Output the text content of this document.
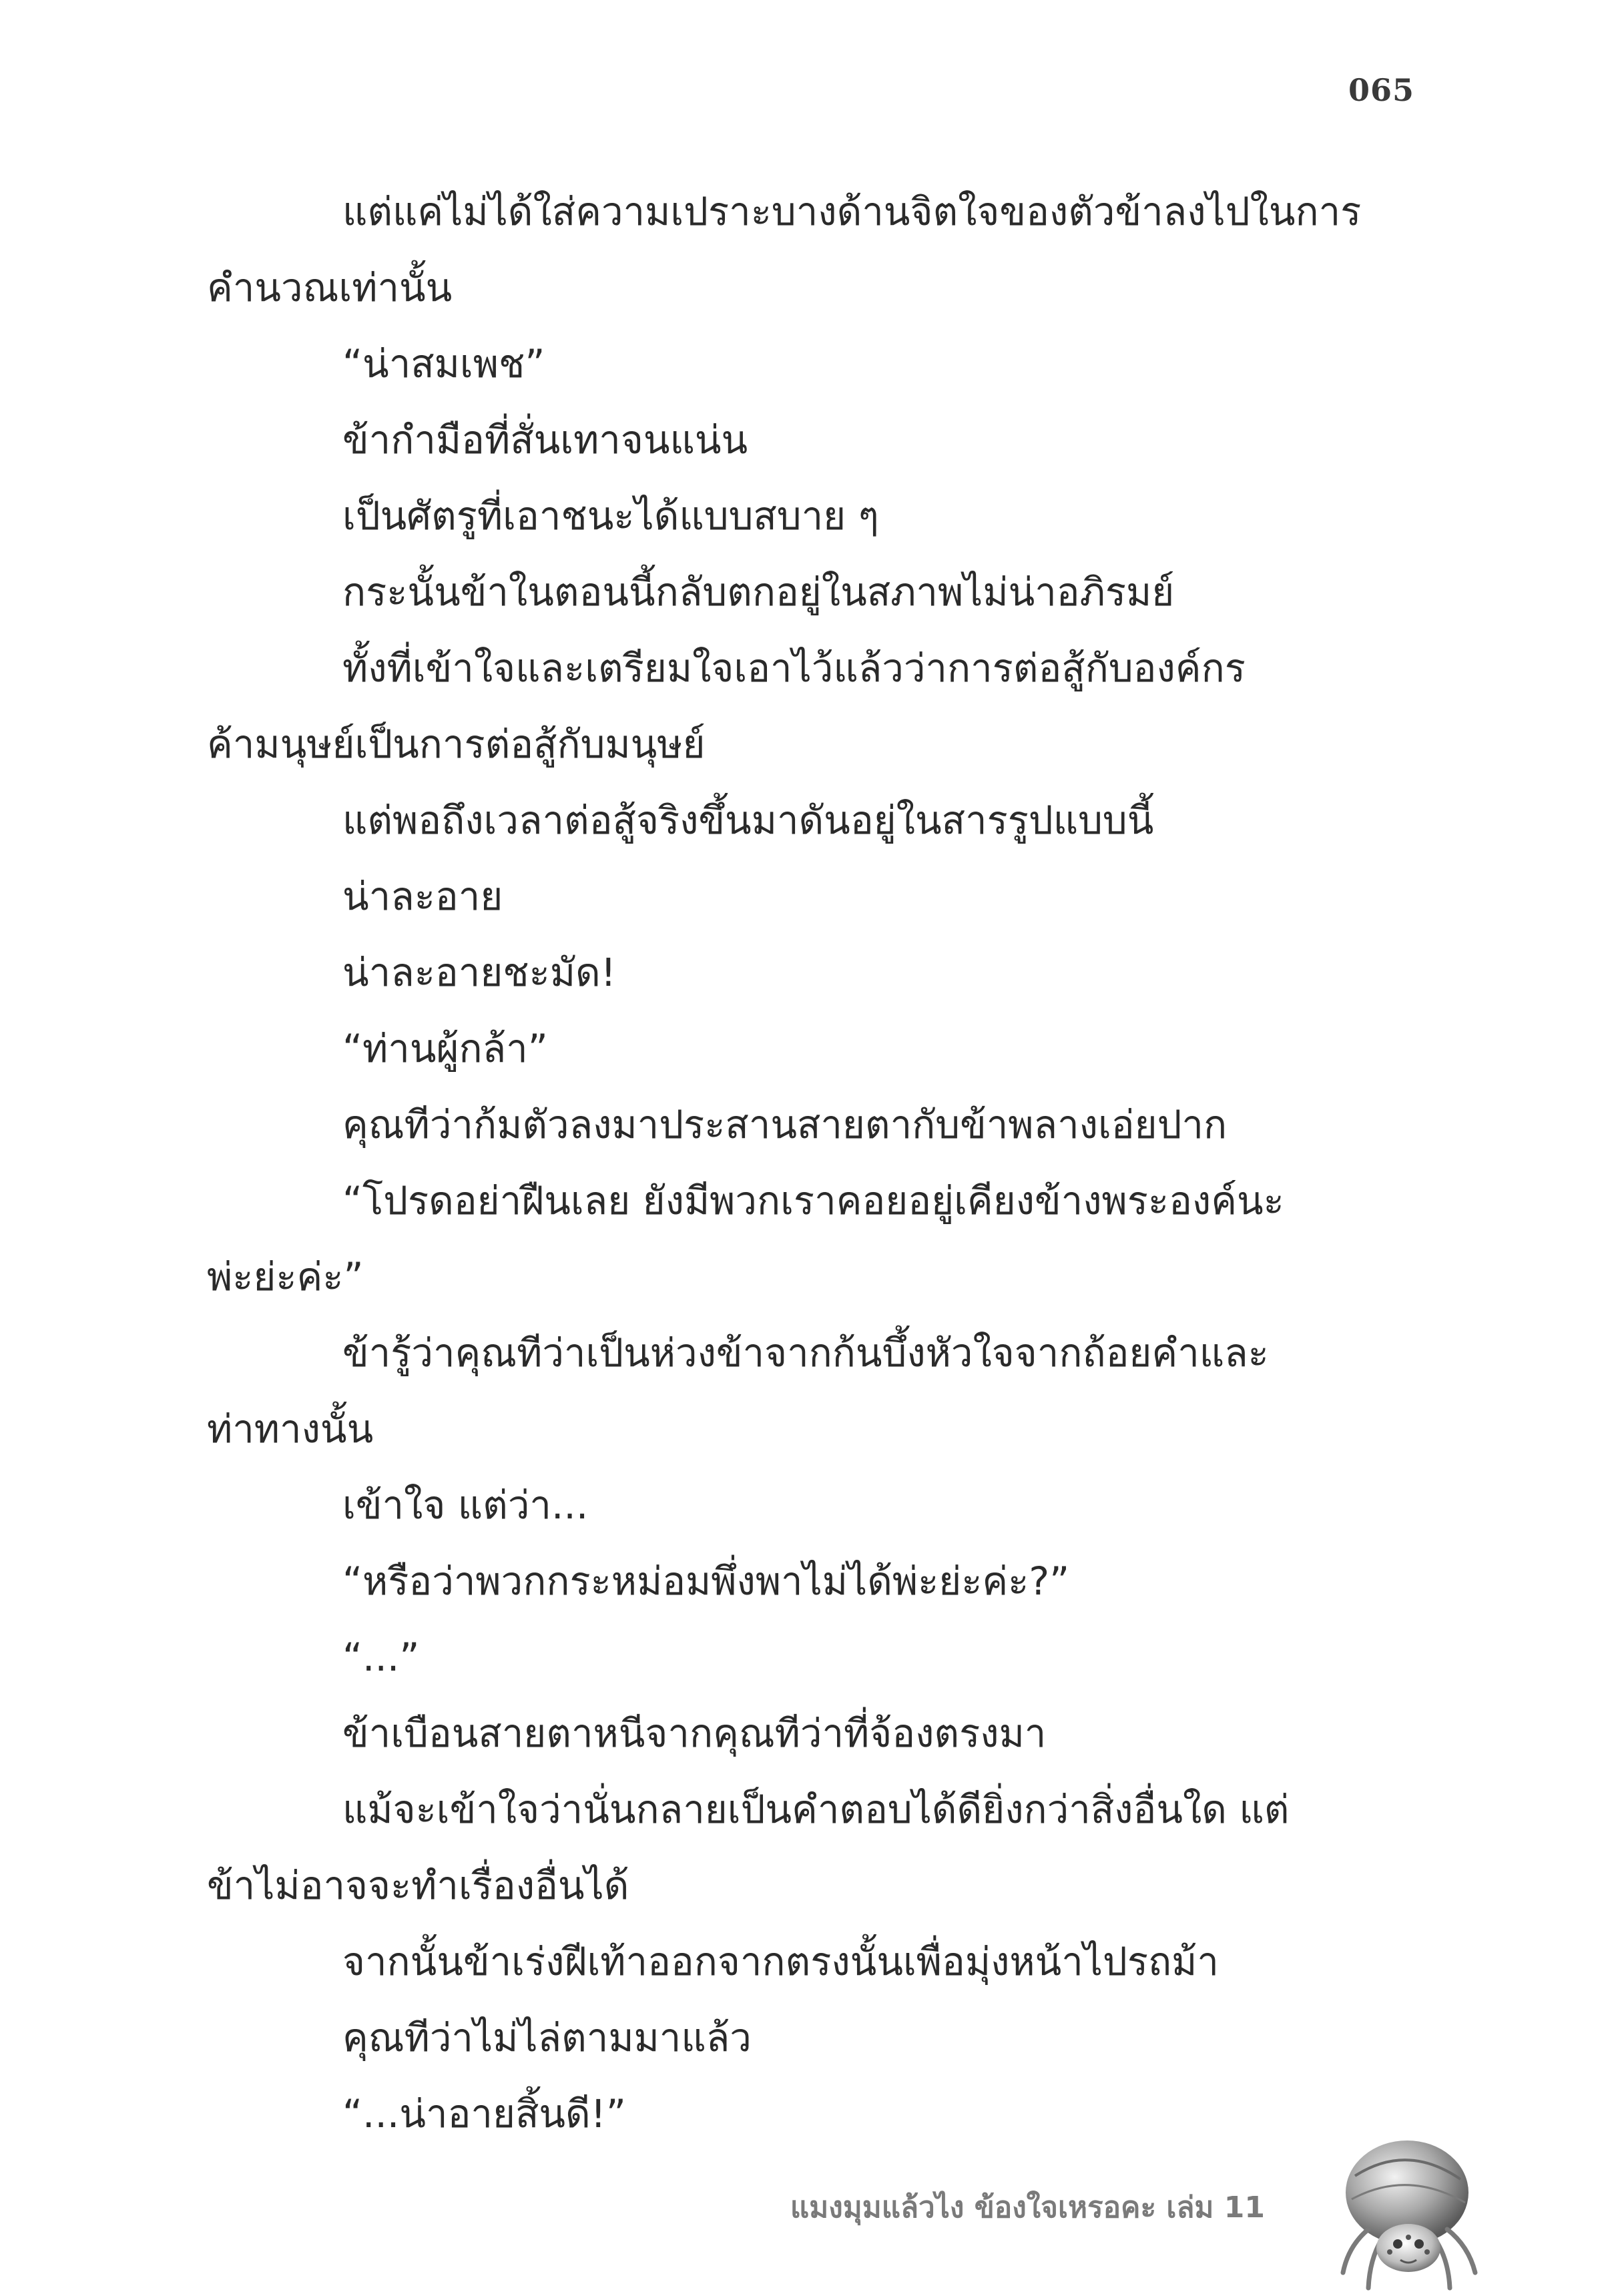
065
แต่แค่ไม่ได้ใส่ความเปราะบางด้านจิตใจของตัวข้าลงไปในการ
คำนวณเท่านั้น
“น่าสมเพช”
ข้ากำมือที่สั่นเทาจนแน่น
เป็นศัตรูที่เอาชนะได้แบบสบาย ๆ
กระนั้นข้าในตอนนี้กลับตกอยู่ในสภาพไม่น่าอภิรมย์
ทั้งที่เข้าใจและเตรียมใจเอาไว้แล้วว่าการต่อสู้กับองค์กร
ค้ามนุษย์เป็นการต่อสู้กับมนุษย์
แต่พอถึงเวลาต่อสู้จริงขึ้นมาดันอยู่ในสารรูปแบบนี้
น่าละอาย
น่าละอายชะมัด!
“ท่านผู้กล้า”
คุณทีว่าก้มตัวลงมาประสานสายตากับข้าพลางเอ่ยปาก
“โปรดอย่าฝืนเลย ยังมีพวกเราคอยอยู่เคียงข้างพระองค์นะ
พ่ะย่ะค่ะ”
ข้ารู้ว่าคุณทีว่าเป็นห่วงข้าจากก้นบึ้งหัวใจจากถ้อยคำและ
ท่าทางนั้น
เข้าใจ แต่ว่า...
“หรือว่าพวกกระหม่อมพึ่งพาไม่ได้พ่ะย่ะค่ะ?”
“...”
ข้าเบือนสายตาหนีจากคุณทีว่าที่จ้องตรงมา
แม้จะเข้าใจว่านั่นกลายเป็นคำตอบได้ดียิ่งกว่าสิ่งอื่นใด แต่
ข้าไม่อาจจะทำเรื่องอื่นได้
จากนั้นข้าเร่งฝีเท้าออกจากตรงนั้นเพื่อมุ่งหน้าไปรถม้า
คุณทีว่าไม่ไล่ตามมาแล้ว
“...น่าอายสิ้นดี!”
แมงมุมแล้วไง ข้องใจเหรอคะ เล่ม 11
